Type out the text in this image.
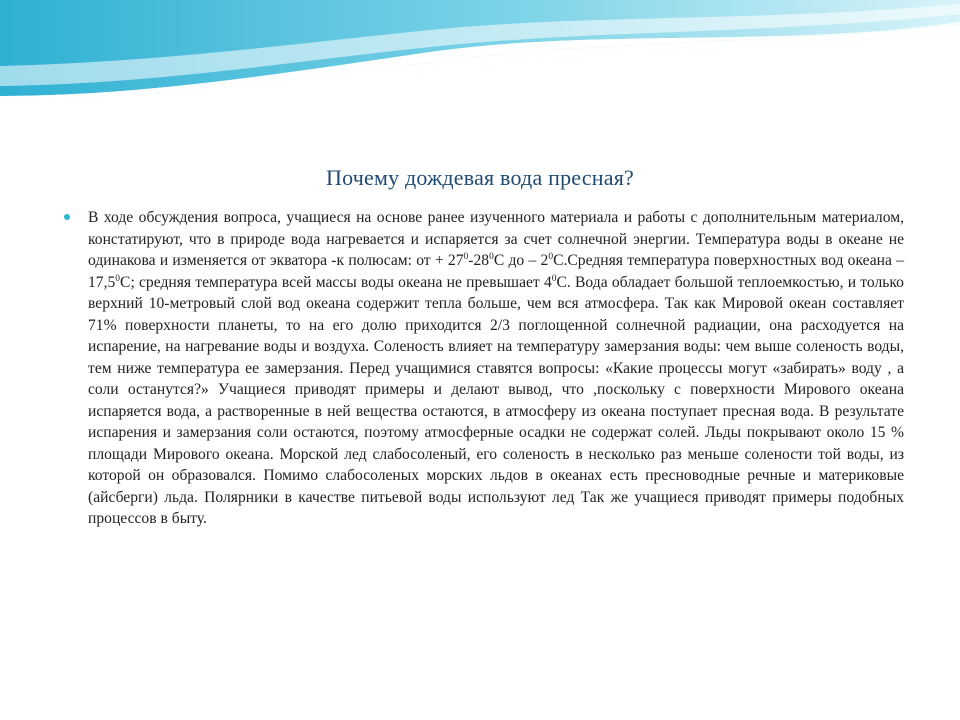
Почему дождевая вода пресная?

В ходе обсуждения вопроса, учащиеся на основе ранее изученного материала и работы с дополнительным материалом, констатируют, что в природе вода нагревается и испаряется за счет солнечной энергии. Температура воды в океане не одинакова и изменяется от экватора -к полюсам: от + $27^0-28^0С$ до – $2^0С.Средняя$ температура поверхностных вод океана – 17,5$^0$С; средняя температура всей массы воды океана не превышает $4^0С$. Вода обладает большой теплоемкостью, и только верхний 10-метровый слой вод океана содержит тепла больше, чем вся атмосфера. Так как Мировой океан составляет 71% поверхности планеты, то на его долю приходится 2/3 поглощенной солнечной радиации, она расходуется на испарение, на нагревание воды и воздуха. Соленость влияет на температуру замерзания воды: чем выше соленость воды, тем ниже температура ее замерзания. Перед учащимися ставятся вопросы: «Какие процессы могут «забирать» воду , а соли останутся?» Учащиеся приводят примеры и делают вывод, что ,поскольку с поверхности Мирового океана испаряется вода, а растворенные в ней вещества остаются, в атмосферу из океана поступает пресная вода. В результате испарения и замерзания соли остаются, поэтому атмосферные осадки не содержат солей. Льды покрывают около 15 % площади Мирового океана. Морской лед слабосоленый, его соленость в несколько раз меньше солености той воды, из которой он образовался. Помимо слабосоленых морских льдов в океанах есть пресноводные речные и материковые (айсберги) льда. Полярники в качестве питьевой воды используют лед Так же учащиеся приводят примеры подобных процессов в быту.
